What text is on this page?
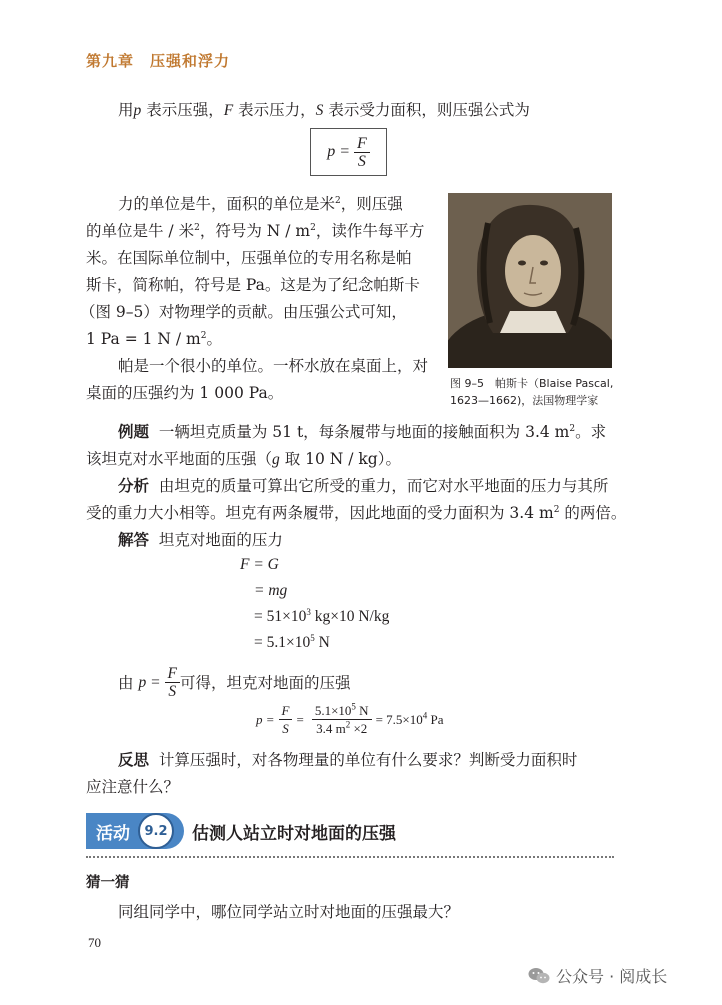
第九章　压强和浮力
用p 表示压强，F 表示压力，S 表示受力面积，则压强公式为
$p = \frac{F}{S}$
力的单位是牛，面积的单位是米$^2$，则压强
的单位是牛 / 米$^2$，符号为 N / $m^2$，读作牛每平方
米。在国际单位制中，压强单位的专用名称是帕
斯卡，简称帕，符号是 Pa。这是为了纪念帕斯卡
（图 9–5）对物理学的贡献。由压强公式可知，
1 Pa = 1 N / $m^2$。
帕是一个很小的单位。一杯水放在桌面上，对
桌面的压强约为 1 000 Pa。
图 9–5　帕斯卡（Blaise Pascal,
1623—1662)，法国物理学家
例题 一辆坦克质量为 51 t，每条履带与地面的接触面积为 3.4 $m^2$。求
该坦克对水平地面的压强（g 取 10 N / kg）。
分析 由坦克的质量可算出它所受的重力，而它对水平地面的压力与其所
受的重力大小相等。坦克有两条履带，因此地面的受力面积为 3.4 $m^2$ 的两倍。
解答 坦克对地面的压力
F = G
= mg
= $51\times 10^3$ kg×10 N/kg
= $5.1\times 10^5$ N
由
$p = \frac{F}{S}$ 可得，坦克对地面的压强
$p = \frac{F}{S} = \frac{5.1\times 10^5 N}{3.4 m^2 \times 2} = 7.5\times 10^4$ Pa
反思 计算压强时，对各物理量的单位有什么要求？判断受力面积时
应注意什么？
活动	9.2	估测人站立时对地面的压强
猜一猜
同组同学中，哪位同学站立时对地面的压强最大？
70
公众号 · 阅成长
